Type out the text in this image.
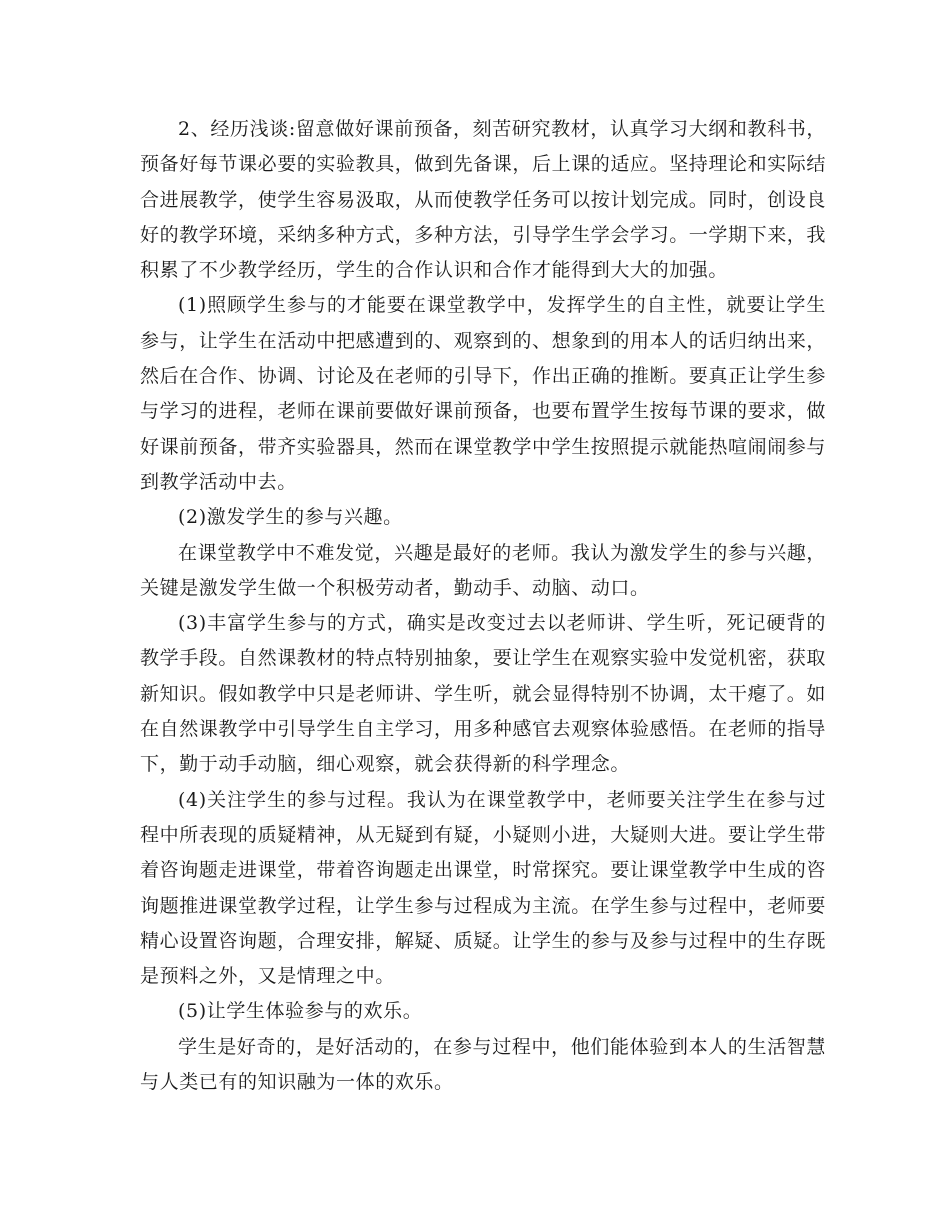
2、经历浅谈:留意做好课前预备，刻苦研究教材，认真学习大纲和教科书，预备好每节课必要的实验教具，做到先备课，后上课的适应。坚持理论和实际结合进展教学，使学生容易汲取，从而使教学任务可以按计划完成。同时，创设良好的教学环境，采纳多种方式，多种方法，引导学生学会学习。一学期下来，我积累了不少教学经历，学生的合作认识和合作才能得到大大的加强。

(1)照顾学生参与的才能要在课堂教学中，发挥学生的自主性，就要让学生参与，让学生在活动中把感遭到的、观察到的、想象到的用本人的话归纳出来，然后在合作、协调、讨论及在老师的引导下，作出正确的推断。要真正让学生参与学习的进程，老师在课前要做好课前预备，也要布置学生按每节课的要求，做好课前预备，带齐实验器具，然而在课堂教学中学生按照提示就能热喧闹闹参与到教学活动中去。

(2)激发学生的参与兴趣。

在课堂教学中不难发觉，兴趣是最好的老师。我认为激发学生的参与兴趣，关键是激发学生做一个积极劳动者，勤动手、动脑、动口。

(3)丰富学生参与的方式，确实是改变过去以老师讲、学生听，死记硬背的教学手段。自然课教材的特点特别抽象，要让学生在观察实验中发觉机密，获取新知识。假如教学中只是老师讲、学生听，就会显得特别不协调，太干瘪了。如在自然课教学中引导学生自主学习，用多种感官去观察体验感悟。在老师的指导下，勤于动手动脑，细心观察，就会获得新的科学理念。

(4)关注学生的参与过程。我认为在课堂教学中，老师要关注学生在参与过程中所表现的质疑精神，从无疑到有疑，小疑则小进，大疑则大进。要让学生带着咨询题走进课堂，带着咨询题走出课堂，时常探究。要让课堂教学中生成的咨询题推进课堂教学过程，让学生参与过程成为主流。在学生参与过程中，老师要精心设置咨询题，合理安排，解疑、质疑。让学生的参与及参与过程中的生存既是预料之外，又是情理之中。

(5)让学生体验参与的欢乐。

学生是好奇的，是好活动的，在参与过程中，他们能体验到本人的生活智慧与人类已有的知识融为一体的欢乐。
